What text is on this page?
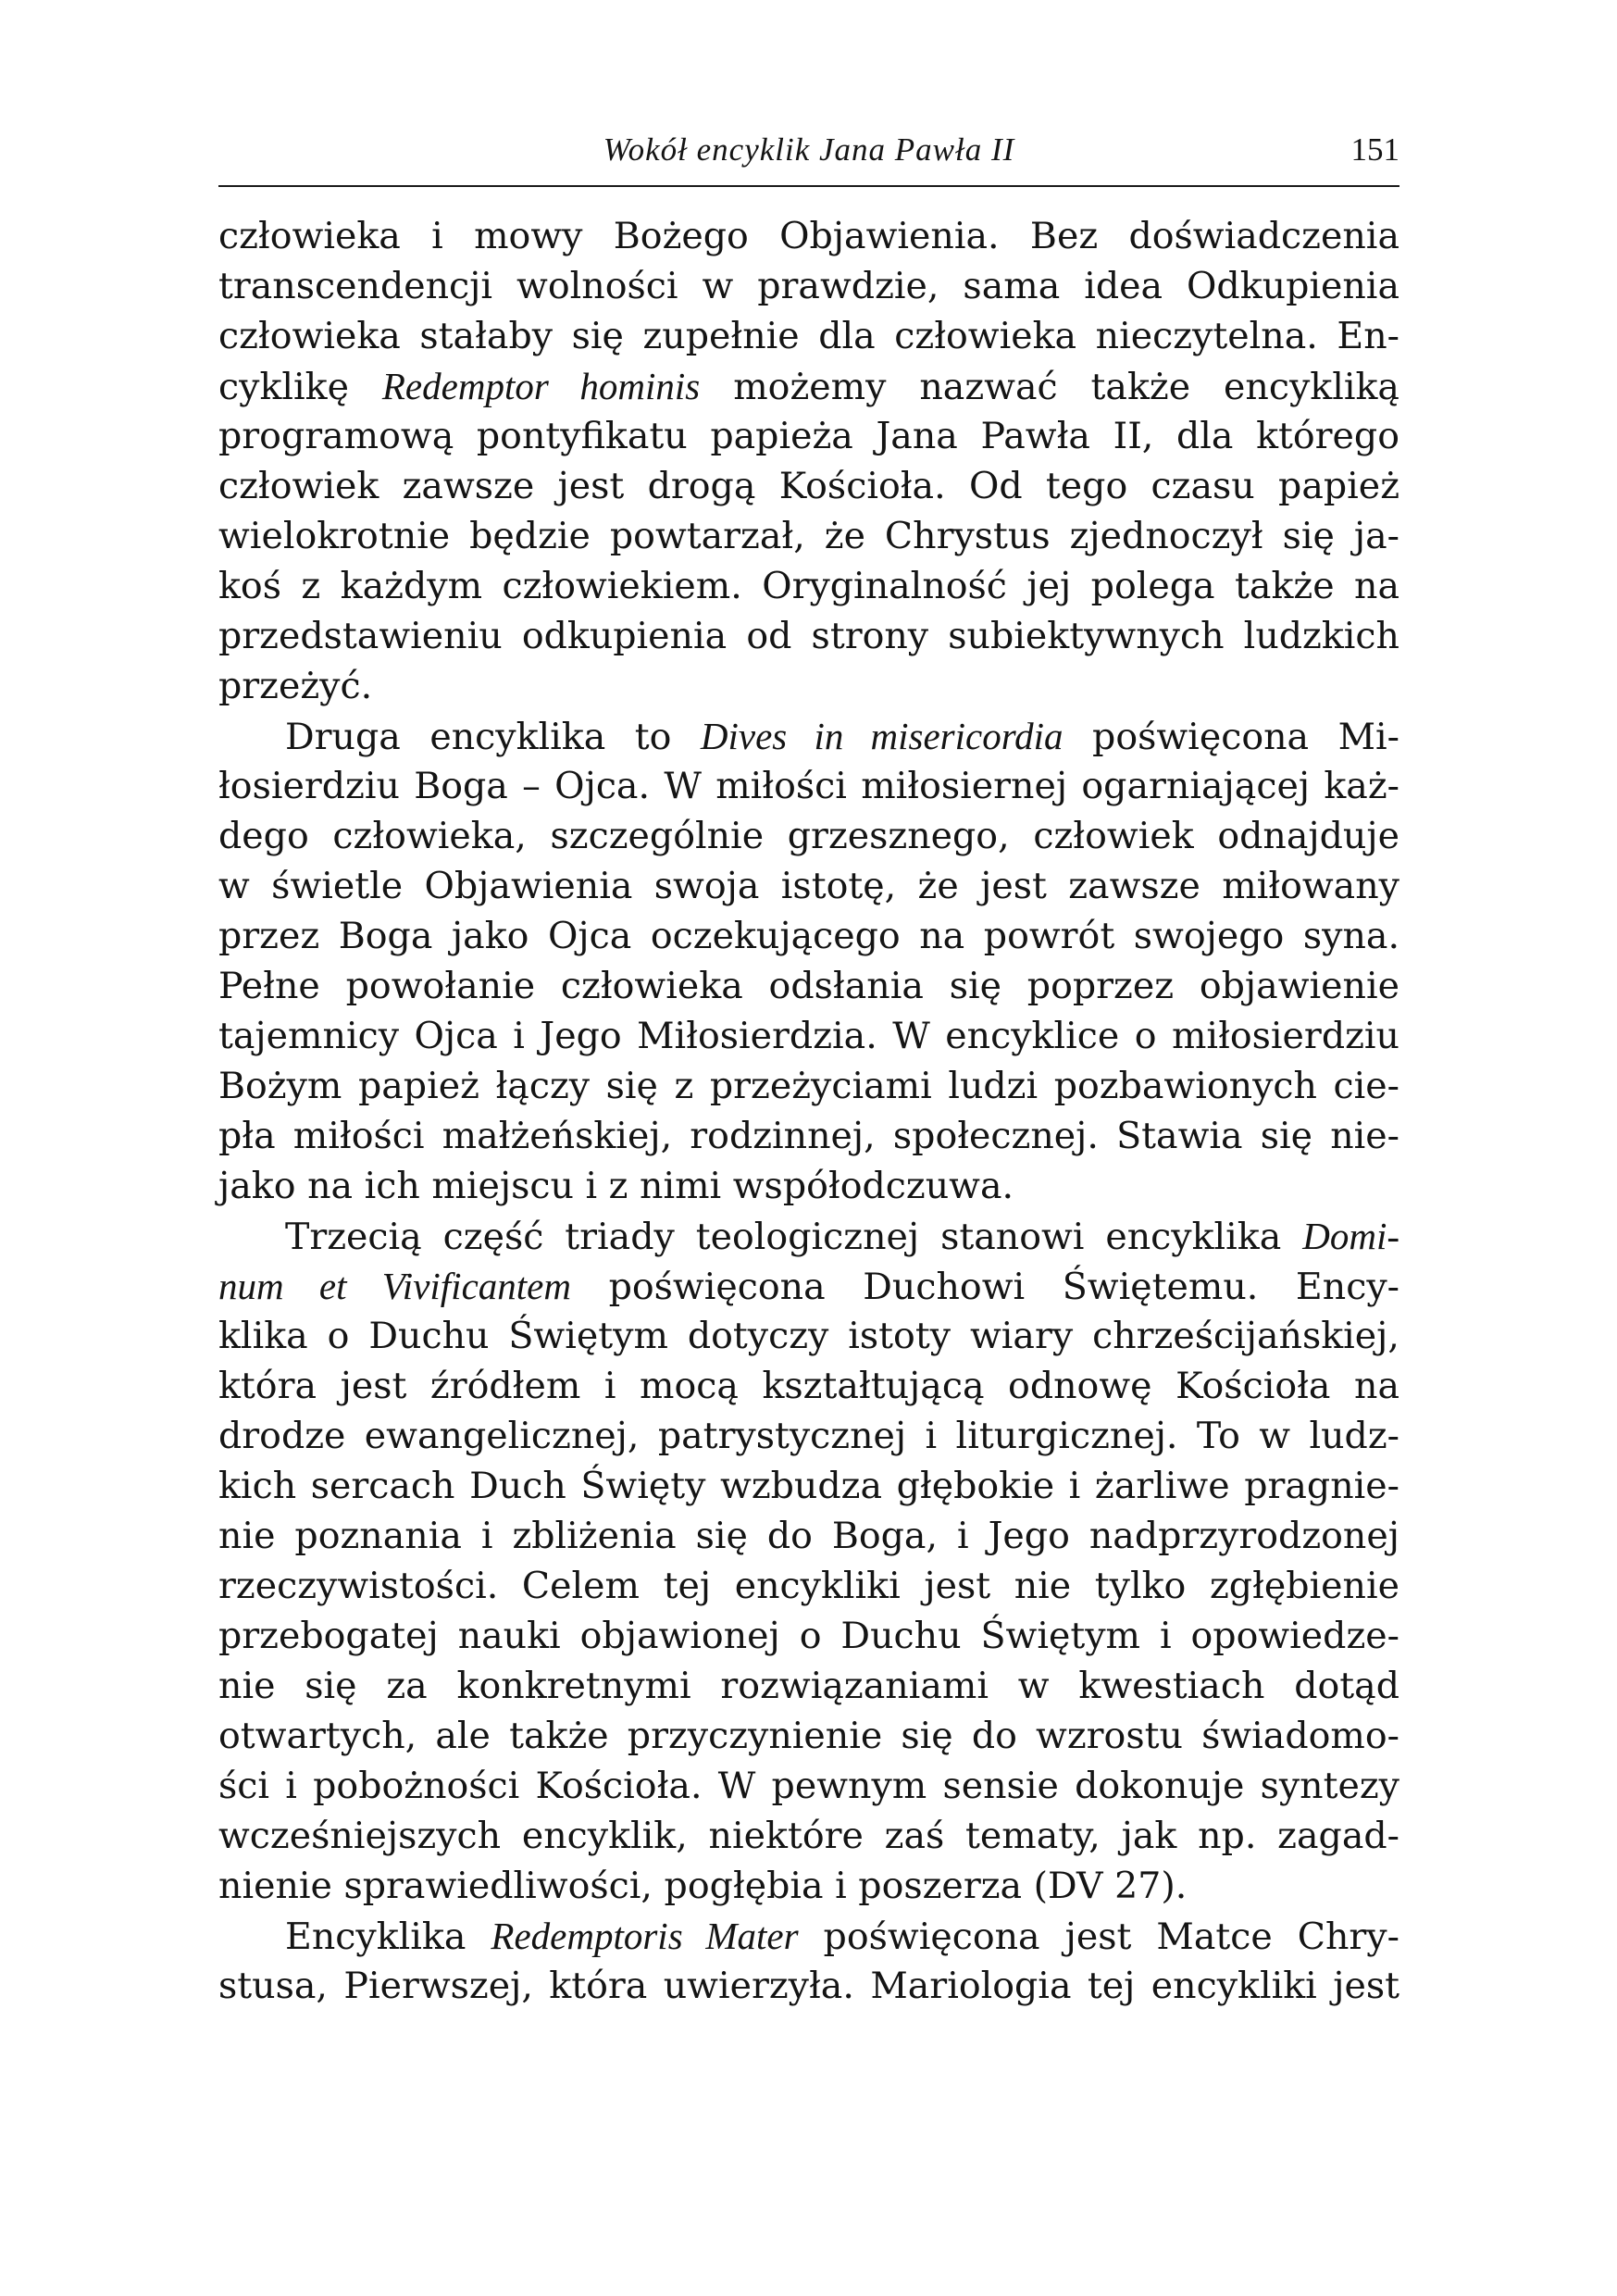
Wokół encyklik Jana Pawła II	151
człowieka i mowy Bożego Objawienia. Bez doświadczenia
transcendencji wolności w prawdzie, sama idea Odkupienia
człowieka stałaby się zupełnie dla człowieka nieczytelna. En-
cyklikę Redemptor hominis możemy nazwać także encykliką
programową pontyfikatu papieża Jana Pawła II, dla którego
człowiek zawsze jest drogą Kościoła. Od tego czasu papież
wielokrotnie będzie powtarzał, że Chrystus zjednoczył się ja-
koś z każdym człowiekiem. Oryginalność jej polega także na
przedstawieniu odkupienia od strony subiektywnych ludzkich
przeżyć.
Druga encyklika to Dives in misericordia poświęcona Mi-
łosierdziu Boga – Ojca. W miłości miłosiernej ogarniającej każ-
dego człowieka, szczególnie grzesznego, człowiek odnajduje
w świetle Objawienia swoja istotę, że jest zawsze miłowany
przez Boga jako Ojca oczekującego na powrót swojego syna.
Pełne powołanie człowieka odsłania się poprzez objawienie
tajemnicy Ojca i Jego Miłosierdzia. W encyklice o miłosierdziu
Bożym papież łączy się z przeżyciami ludzi pozbawionych cie-
pła miłości małżeńskiej, rodzinnej, społecznej. Stawia się nie-
jako na ich miejscu i z nimi współodczuwa.
Trzecią część triady teologicznej stanowi encyklika Domi-
num et Vivificantem poświęcona Duchowi Świętemu. Ency-
klika o Duchu Świętym dotyczy istoty wiary chrześcijańskiej,
która jest źródłem i mocą kształtującą odnowę Kościoła na
drodze ewangelicznej, patrystycznej i liturgicznej. To w ludz-
kich sercach Duch Święty wzbudza głębokie i żarliwe pragnie-
nie poznania i zbliżenia się do Boga, i Jego nadprzyrodzonej
rzeczywistości. Celem tej encykliki jest nie tylko zgłębienie
przebogatej nauki objawionej o Duchu Świętym i opowiedze-
nie się za konkretnymi rozwiązaniami w kwestiach dotąd
otwartych, ale także przyczynienie się do wzrostu świadomo-
ści i pobożności Kościoła. W pewnym sensie dokonuje syntezy
wcześniejszych encyklik, niektóre zaś tematy, jak np. zagad-
nienie sprawiedliwości, pogłębia i poszerza (DV 27).
Encyklika Redemptoris Mater poświęcona jest Matce Chry-
stusa, Pierwszej, która uwierzyła. Mariologia tej encykliki jest
